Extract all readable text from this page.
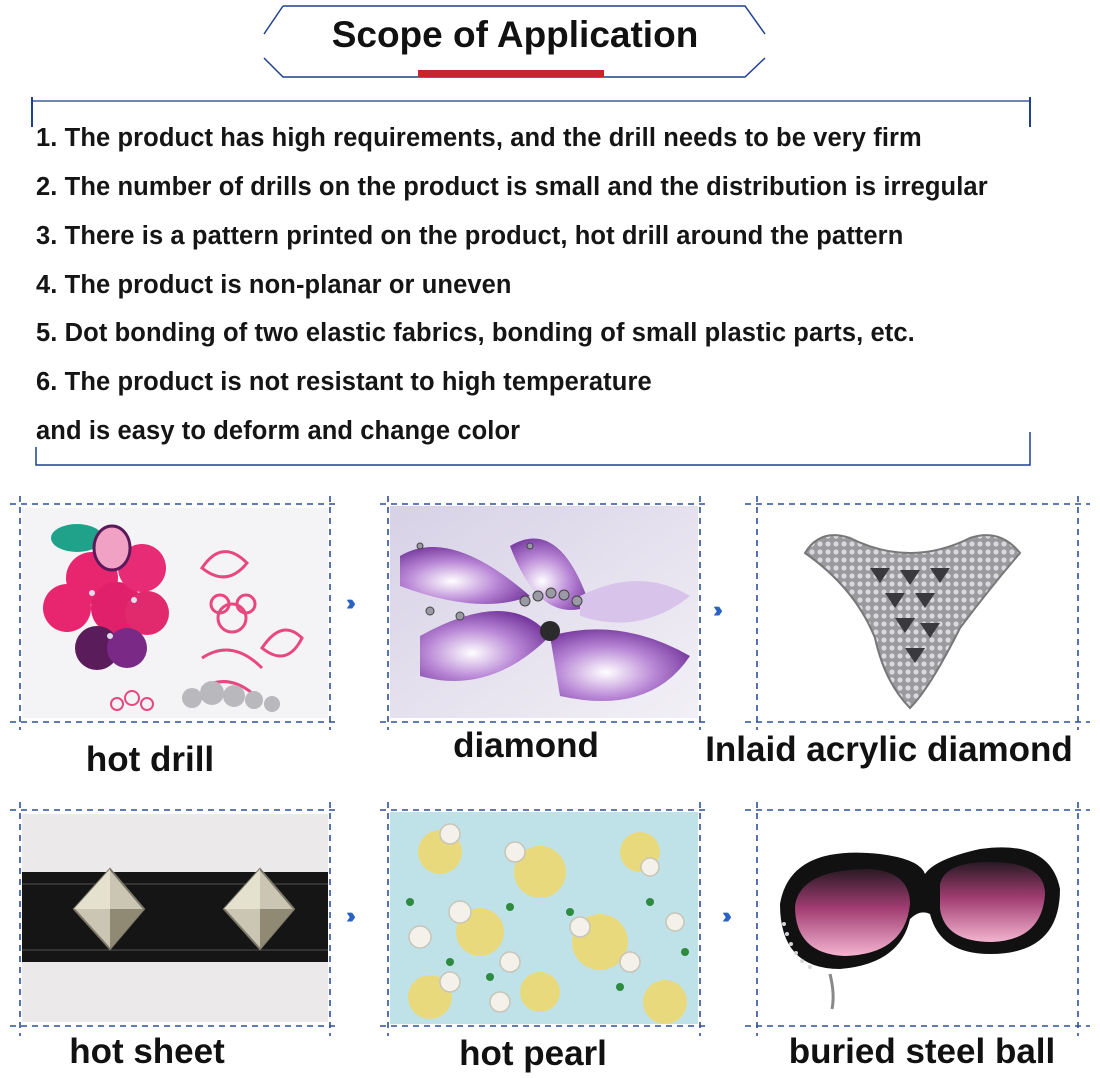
Scope of Application
1. The product has high requirements, and the drill needs to be very firm
2. The number of drills on the product is small and the distribution is irregular
3. There is a pattern printed on the product, hot drill around the pattern
4. The product is non-planar or uneven
5. Dot bonding of two elastic fabrics, bonding of small plastic parts, etc.
6. The product is not resistant to high temperature
and is easy to deform and change color
›››	›››
›››	›››
hot drill	diamond	Inlaid acrylic diamond
hot sheet	hot pearl	buried steel ball
